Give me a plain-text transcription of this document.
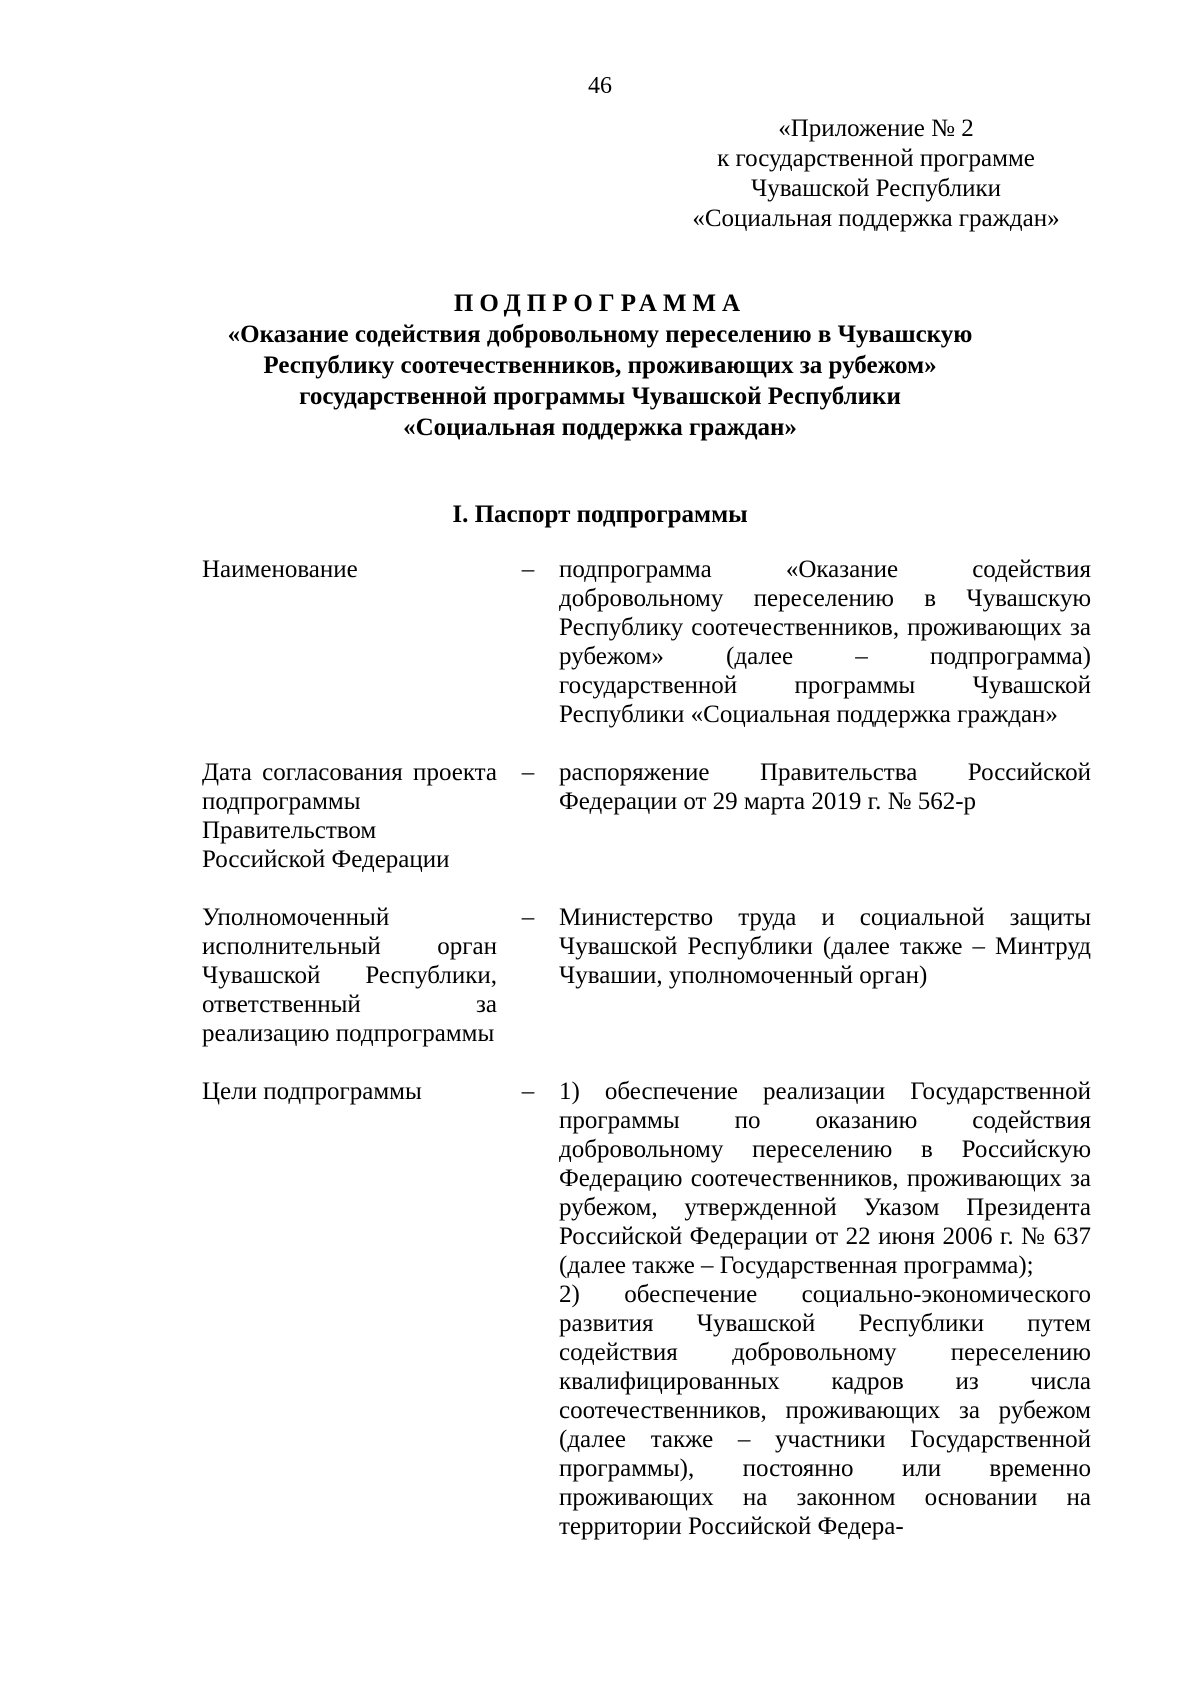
46
«Приложение № 2
к государственной программе
Чувашской Республики
«Социальная поддержка граждан»
ПОДПРОГРАММА
«Оказание содействия добровольному переселению в Чувашскую
Республику соотечественников, проживающих за рубежом»
государственной программы Чувашской Республики
«Социальная поддержка граждан»
I. Паспорт подпрограммы
Наименование	– подпрограмма «Оказание содействия добровольному переселению в Чувашскую Республику соотечественников, проживающих за рубежом» (далее – подпрограмма) государственной программы Чувашской Республики «Социальная поддержка граждан»
Дата согласования проекта подпрограммы Правительством Российской Федерации
– распоряжение Правительства Российской Федерации от 29 марта 2019 г. № 562-р
Уполномоченный исполнительный орган Чувашской Республики, ответственный за реализацию подпрограммы
– Министерство труда и социальной защиты Чувашской Республики (далее также – Минтруд Чувашии, уполномоченный орган)
Цели подпрограммы	– 1) обеспечение реализации Государственной программы по оказанию содействия добровольному переселению в Российскую Федерацию соотечественников, проживающих за рубежом, утвержденной Указом Президента Российской Федерации от 22 июня 2006 г. № 637 (далее также – Государственная программа);

2) обеспечение социально-экономического развития Чувашской Республики путем содействия добровольному переселению квалифицированных кадров из числа соотечественников, проживающих за рубежом (далее также – участники Государственной программы), постоянно или временно проживающих на законном основании на территории Российской Федера-
